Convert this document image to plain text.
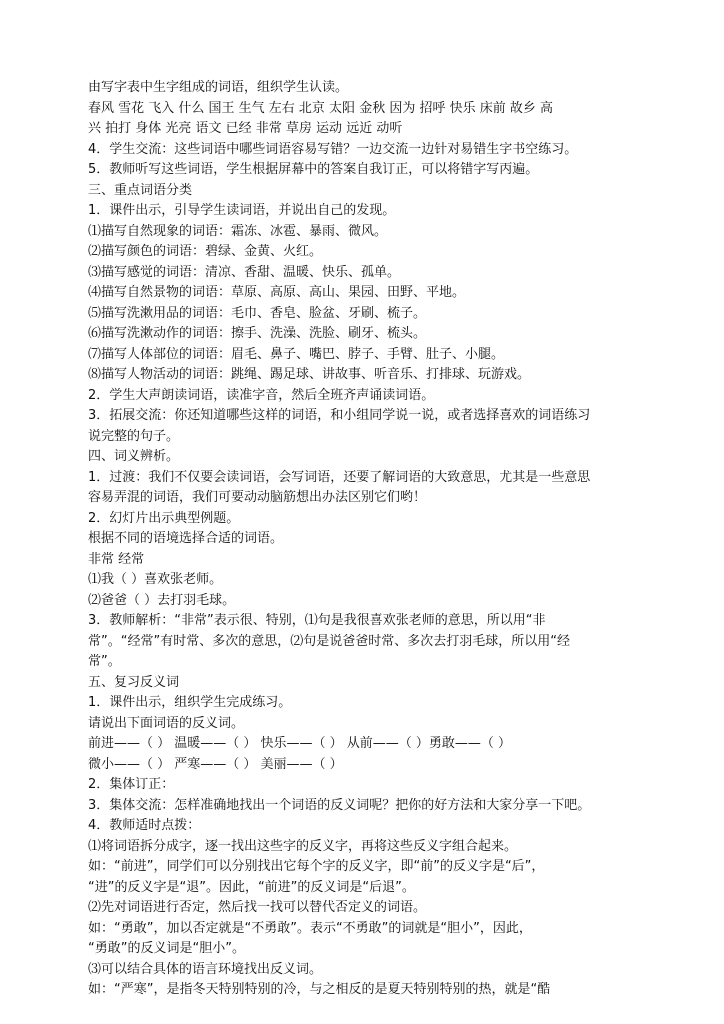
由写字表中生字组成的词语，组织学生认读。
春风 雪花 飞入 什么 国王 生气 左右 北京 太阳 金秋 因为 招呼 快乐 床前 故乡 高
兴 拍打 身体 光亮 语文 已经 非常 草房 运动 远近 动听
4．学生交流：这些词语中哪些词语容易写错？一边交流一边针对易错生字书空练习。
5．教师听写这些词语，学生根据屏幕中的答案自我订正，可以将错字写丙遍。
三、重点词语分类
1．课件出示，引导学生读词语，并说出自己的发现。
⑴描写自然现象的词语：霜冻、冰雹、暴雨、微风。
⑵描写颜色的词语：碧绿、金黄、火红。
⑶描写感觉的词语：清凉、香甜、温暖、快乐、孤单。
⑷描写自然景物的词语：草原、高原、高山、果园、田野、平地。
⑸描写洗漱用品的词语：毛巾、香皂、脸盆、牙刷、梳子。
⑹描写洗漱动作的词语：擦手、洗澡、洗脸、刷牙、梳头。
⑺描写人体部位的词语：眉毛、鼻子、嘴巴、脖子、手臂、肚子、小腿。
⑻描写人物活动的词语：跳绳、踢足球、讲故事、听音乐、打排球、玩游戏。
2．学生大声朗读词语，读准字音，然后全班齐声诵读词语。
3．拓展交流：你还知道哪些这样的词语，和小组同学说一说，或者选择喜欢的词语练习
说完整的句子。
四、词义辨析。
1．过渡：我们不仅要会读词语，会写词语，还要了解词语的大致意思，尤其是一些意思
容易弄混的词语，我们可要动动脑筋想出办法区别它们哟！
2．幻灯片出示典型例题。
根据不同的语境选择合适的词语。
非常 经常
⑴我（ ）喜欢张老师。
⑵爸爸（ ）去打羽毛球。
3．教师解析：“非常”表示很、特别，⑴句是我很喜欢张老师的意思，所以用“非
常”。“经常”有时常、多次的意思，⑵句是说爸爸时常、多次去打羽毛球，所以用“经
常”。
五、复习反义词
1．课件出示，组织学生完成练习。
请说出下面词语的反义词。
前进——（ ） 温暖——（ ） 快乐——（ ） 从前——（ ）勇敢——（ ）
微小——（ ） 严寒——（ ） 美丽——（ ）
2．集体订正：
3．集体交流：怎样准确地找出一个词语的反义词呢？把你的好方法和大家分享一下吧。
4．教师适时点拨：
⑴将词语拆分成字，逐一找出这些字的反义字，再将这些反义字组合起来。
如：“前进”，同学们可以分别找出它每个字的反义字，即“前”的反义字是“后”，
“进”的反义字是“退”。因此，“前进”的反义词是“后退”。
⑵先对词语进行否定，然后找一找可以替代否定义的词语。
如：“勇敢”，加以否定就是“不勇敢”。表示“不勇敢”的词就是“胆小”，因此，
“勇敢”的反义词是“胆小”。
⑶可以结合具体的语言环境找出反义词。
如：“严寒”，是指冬天特别特别的冷，与之相反的是夏天特别特别的热，就是“酷
